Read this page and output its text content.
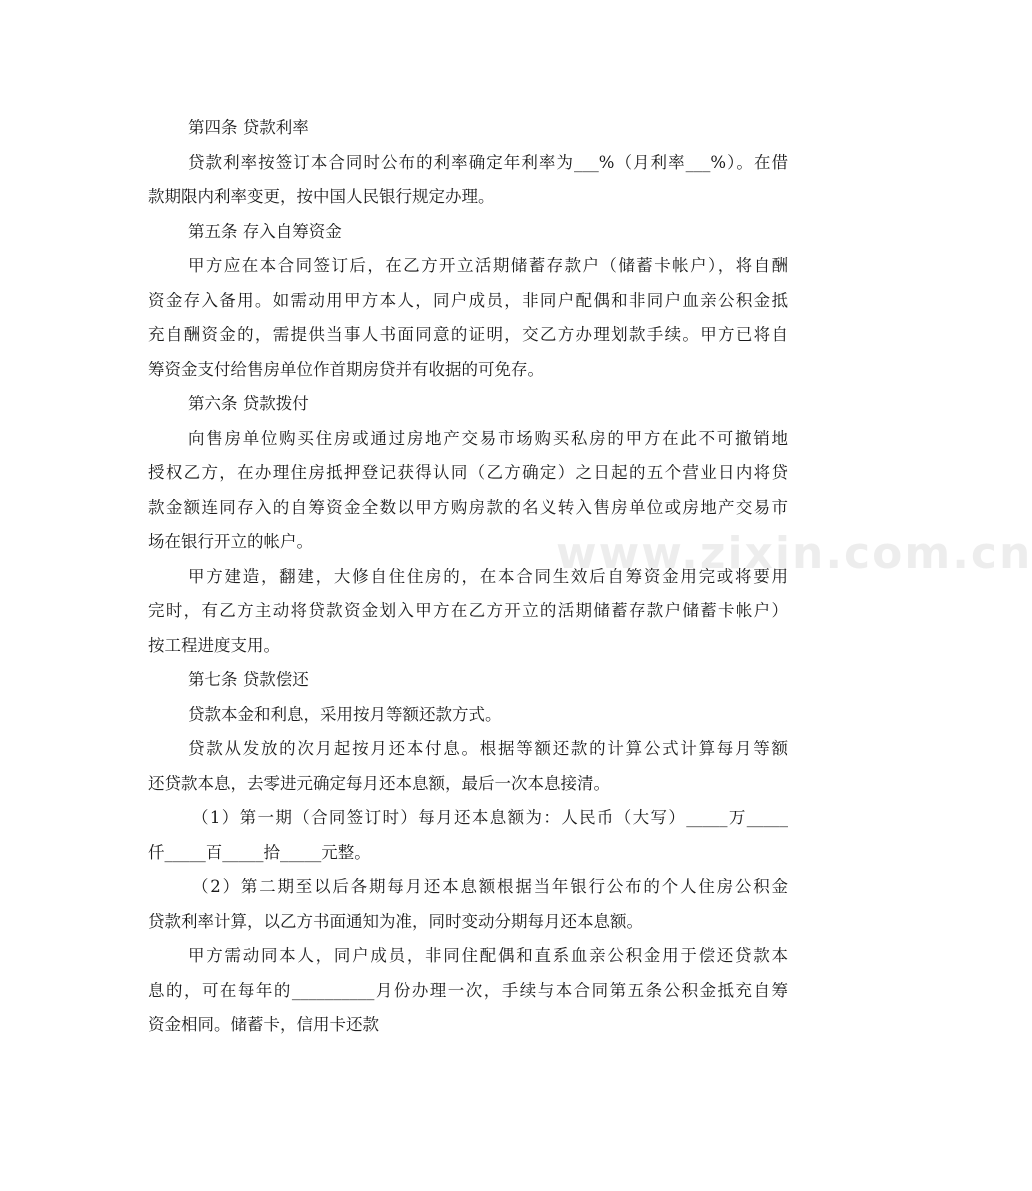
www.zixin.com.cn
第四条 贷款利率
贷款利率按签订本合同时公布的利率确定年利率为___%（月利率___%）。在借
款期限内利率变更，按中国人民银行规定办理。
第五条 存入自筹资金
甲方应在本合同签订后，在乙方开立活期储蓄存款户（储蓄卡帐户），将自酬
资金存入备用。如需动用甲方本人，同户成员，非同户配偶和非同户血亲公积金抵
充自酬资金的，需提供当事人书面同意的证明，交乙方办理划款手续。甲方已将自
筹资金支付给售房单位作首期房贷并有收据的可免存。
第六条 贷款拨付
向售房单位购买住房或通过房地产交易市场购买私房的甲方在此不可撤销地
授权乙方，在办理住房抵押登记获得认同（乙方确定）之日起的五个营业日内将贷
款金额连同存入的自筹资金全数以甲方购房款的名义转入售房单位或房地产交易市
场在银行开立的帐户。
甲方建造，翻建，大修自住住房的，在本合同生效后自筹资金用完或将要用
完时，有乙方主动将贷款资金划入甲方在乙方开立的活期储蓄存款户储蓄卡帐户）
按工程进度支用。
第七条 贷款偿还
贷款本金和利息，采用按月等额还款方式。
贷款从发放的次月起按月还本付息。根据等额还款的计算公式计算每月等额
还贷款本息，去零进元确定每月还本息额，最后一次本息接清。
（1）第一期（合同签订时）每月还本息额为：人民币（大写）_____万_____
仟_____百_____拾_____元整。
（2）第二期至以后各期每月还本息额根据当年银行公布的个人住房公积金
贷款利率计算，以乙方书面通知为准，同时变动分期每月还本息额。
甲方需动同本人，同户成员，非同住配偶和直系血亲公积金用于偿还贷款本
息的，可在每年的__________月份办理一次，手续与本合同第五条公积金抵充自筹
资金相同。储蓄卡，信用卡还款
